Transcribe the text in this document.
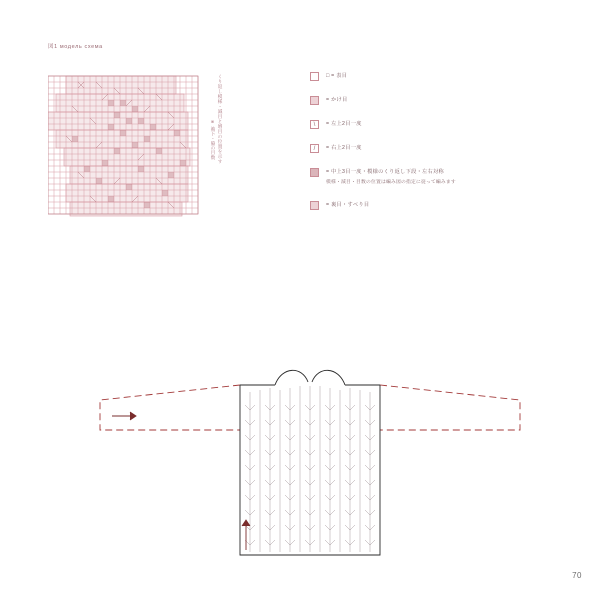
図1 модель схема
くり返し模様・減目と増目の位置を示す
※ 袖下・脇の目数
□ = 表目
= かけ目
\	= 左上2目一度
/	= 右上2目一度
= 中上3目一度・模様のくり返し下段・左右対称
模様・減目・目数の位置は編み図の指定に従って編みます
= 裏目・すべり目
70
